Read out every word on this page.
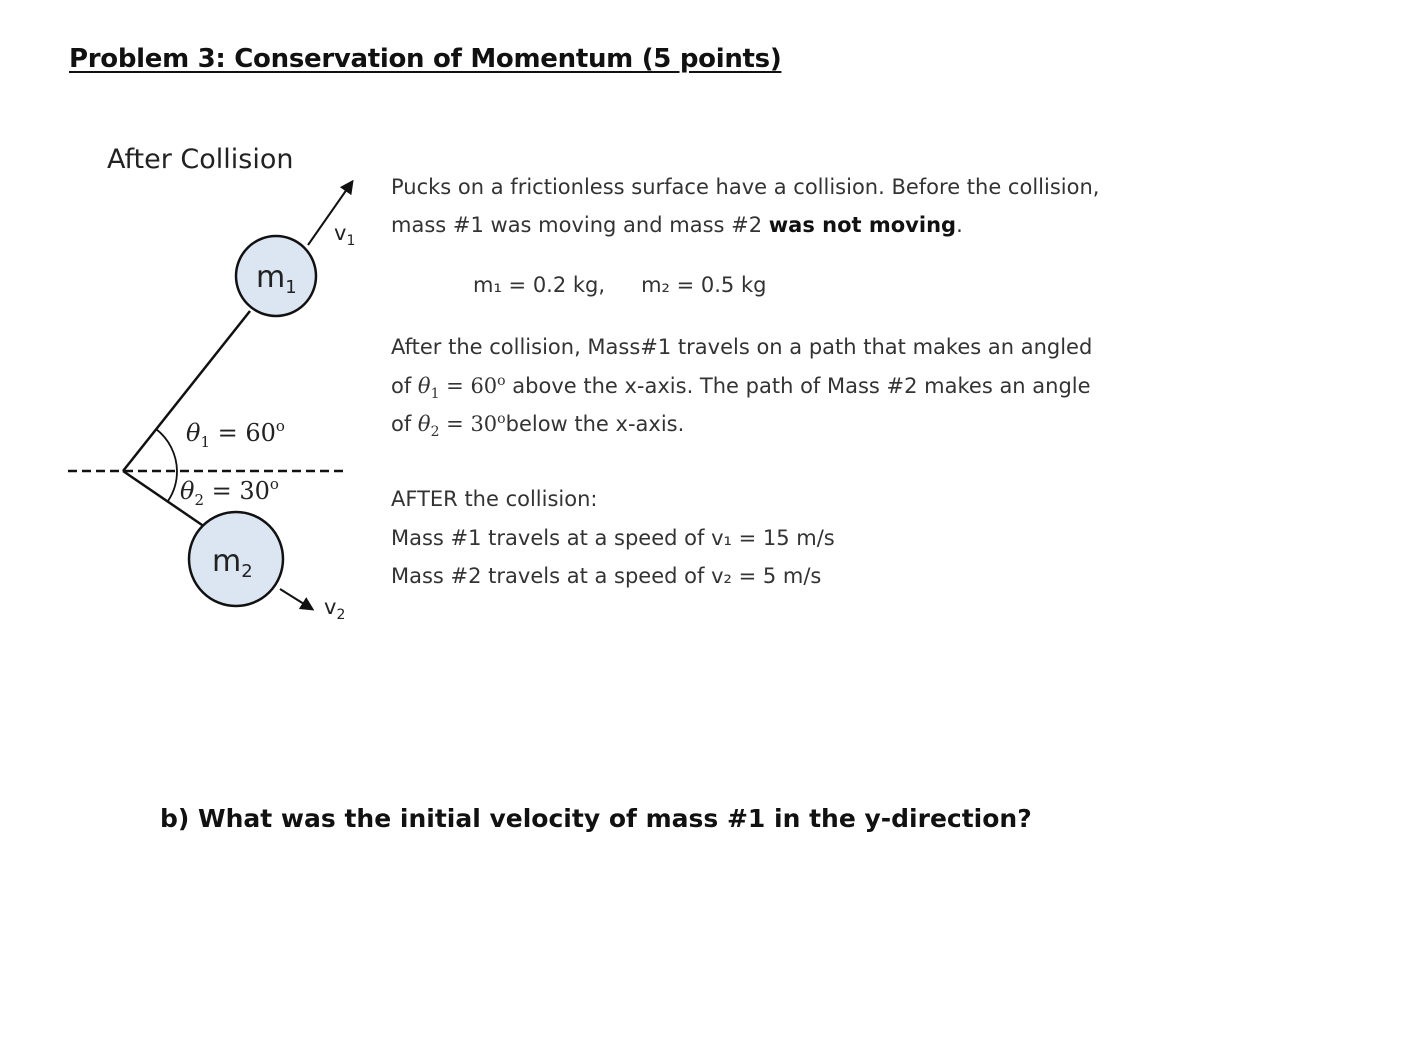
Problem 3: Conservation of Momentum (5 points)
After Collision
$m_1$
$m_2$
$v_1$
$v_2$
$\theta_1 = 60^o$
$\theta_2 = 30^o$
Pucks on a frictionless surface have a collision. Before the collision,
mass #1 was moving and mass #2 was not moving.
m₁ = 0.2 kg, m₂ = 0.5 kg
After the collision, Mass#1 travels on a path that makes an angled
of $\theta_1 = 60^o$ above the x-axis. The path of Mass #2 makes an angle
of $\theta_2$ = $30^obelow$ the x-axis.
AFTER the collision:
Mass #1 travels at a speed of v₁ = 15 m/s
Mass #2 travels at a speed of v₂ = 5 m/s
b) What was the initial velocity of mass #1 in the y-direction?
